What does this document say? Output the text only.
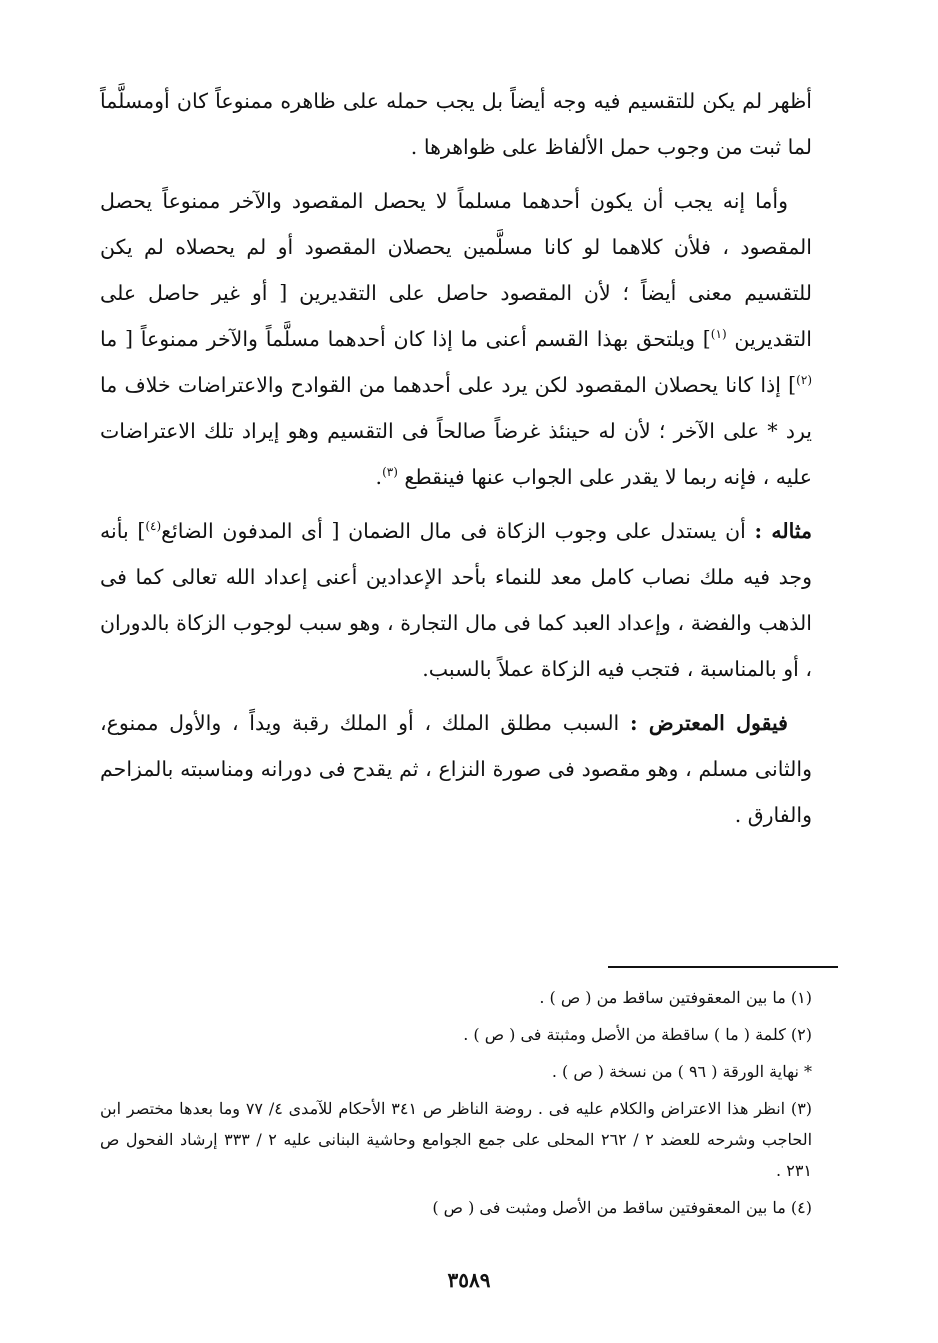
أظهر لم يكن للتقسيم فيه وجه أيضاً بل يجب حمله على ظاهره ممنوعاً كان أومسلَّماً لما ثبت من وجوب حمل الألفاظ على ظواهرها .

وأما إنه يجب أن يكون أحدهما مسلماً لا يحصل المقصود والآخر ممنوعاً يحصل المقصود ، فلأن كلاهما لو كانا مسلَّمين يحصلان المقصود أو لم يحصلاه لم يكن للتقسيم معنى أيضاً ؛ لأن المقصود حاصل على التقديرين [ أو غير حاصل على التقديرين $^{(١)}$] ويلتحق بهذا القسم أعنى ما إذا كان أحدهما مسلَّماً والآخر ممنوعاً [ ما $^{(٢)}$] إذا كانا يحصلان المقصود لكن يرد على أحدهما من القوادح والاعتراضات خلاف ما يرد * على الآخر ؛ لأن له حينئذ غرضاً صالحاً فى التقسيم وهو إيراد تلك الاعتراضات عليه ، فإنه ربما لا يقدر على الجواب عنها فينقطع $^{(٣)}$.

مثاله : أن يستدل على وجوب الزكاة فى مال الضمان [ أى المدفون الضائع$^{(٤)}$] بأنه وجد فيه ملك نصاب كامل معد للنماء بأحد الإعدادين أعنى إعداد الله تعالى كما فى الذهب والفضة ، وإعداد العبد كما فى مال التجارة ، وهو سبب لوجوب الزكاة بالدوران ، أو بالمناسبة ، فتجب فيه الزكاة عملاً بالسبب.

فيقول المعترض : السبب مطلق الملك ، أو الملك رقبة ويداً ، والأول ممنوع، والثانى مسلم ، وهو مقصود فى صورة النزاع ، ثم يقدح فى دورانه ومناسبته بالمزاحم والفارق .

(١) ما بين المعقوفتين ساقط من ( ص ) .

(٢) كلمة ( ما ) ساقطة من الأصل ومثبتة فى ( ص ) .

* نهاية الورقة ( ٩٦ ) من نسخة ( ص ) .

(٣) انظر هذا الاعتراض والكلام عليه فى . روضة الناظر ص ٣٤١ الأحكام للآمدى ٤/ ٧٧ وما بعدها مختصر ابن الحاجب وشرحه للعضد ٢ / ٢٦٢ المحلى على جمع الجوامع وحاشية البنانى عليه ٢ / ٣٣٣ إرشاد الفحول ص ٢٣١ .

(٤) ما بين المعقوفتين ساقط من الأصل ومثبت فى ( ص )

٣٥٨٩
